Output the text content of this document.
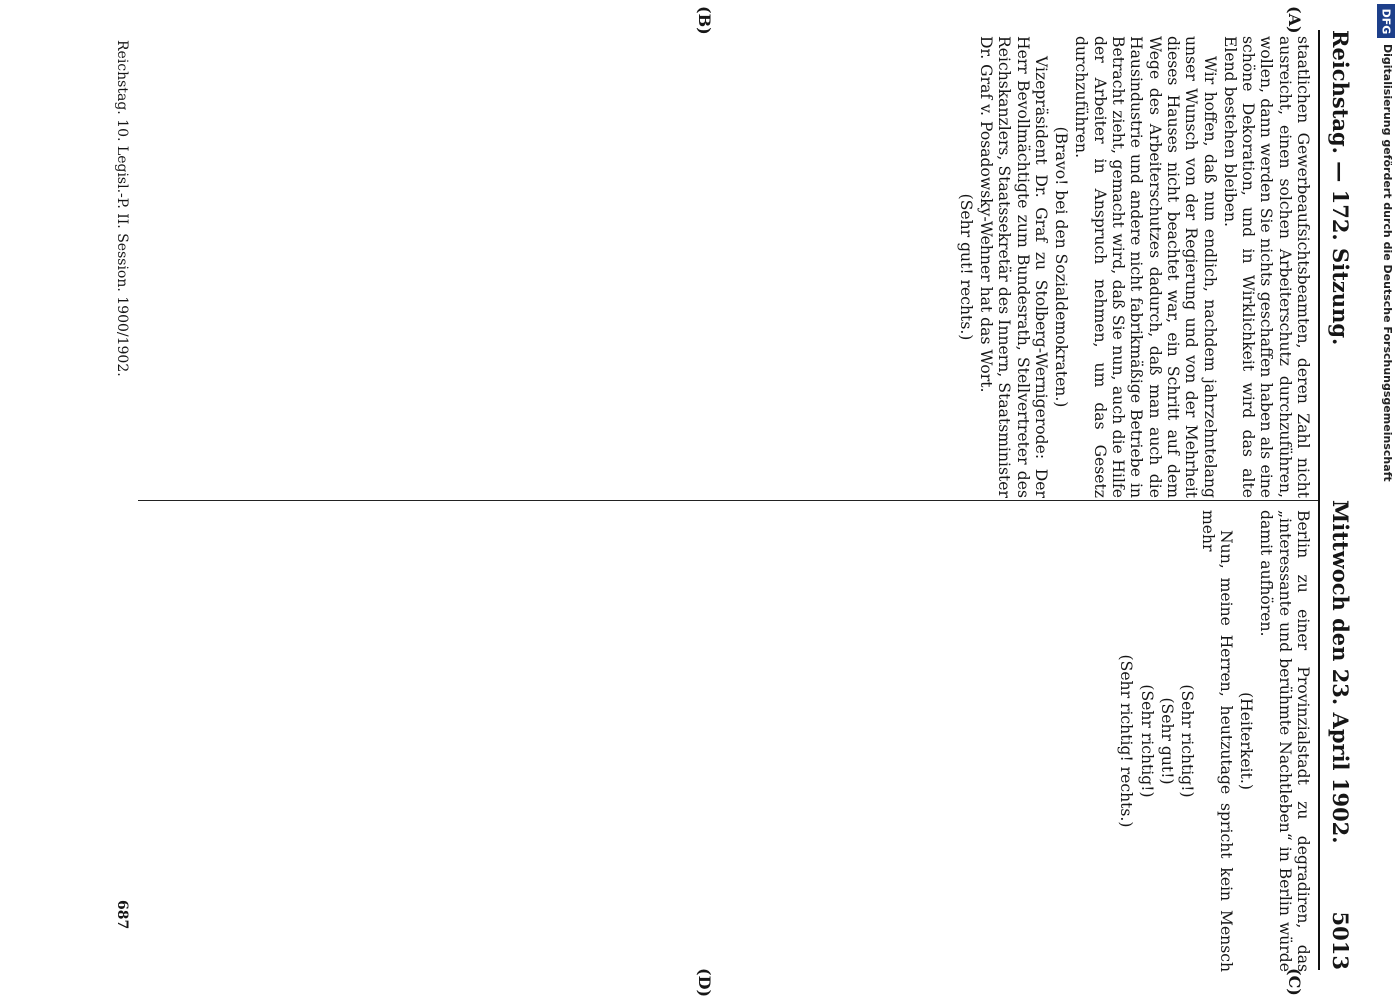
Reichstag. — 172. Sitzung.
Mittwoch den 23. April 1902.
5013
(A)
(B)
(C)
(D)

staatlichen Gewerbeaufsichtsbeamten, deren Zahl nicht ausreicht, einen solchen Arbeiterschutz durchzuführen, wollen, dann werden Sie nichts geschaffen haben als eine schöne Dekoration, und in Wirklichkeit wird das alte Elend bestehen bleiben.

Wir hoffen, daß nun endlich, nachdem jahrzehntelang unser Wunsch von der Regierung und von der Mehrheit dieses Hauses nicht beachtet war, ein Schritt auf dem Wege des Arbeiterschutzes dadurch, daß man auch die Hausindustrie und andere nicht fabrikmäßige Betriebe in Betracht zieht, gemacht wird, daß Sie nun, auch die Hilfe der Arbeiter in Anspruch nehmen, um das Gesetz durchzuführen.

(Bravo! bei den Sozialdemokraten.)

Vizepräsident Dr. Graf zu Stolberg-Wernigerode: Der Herr Bevollmächtigte zum Bundesrath, Stellvertreter des Reichskanzlers, Staatssekretär des Innern, Staatsminister Dr. Graf v. Posadowsky-Wehner hat das Wort.

(Sehr gut! rechts.)

Reichstag. 10. Legisl.-P. II. Session. 1900/1902.

Berlin zu einer Provinzialstadt zu degradiren, das „interessante und berühmte Nachtleben“ in Berlin würde damit aufhören.

(Heiterkeit.)

Nun, meine Herren, heutzutage spricht kein Mensch mehr

(Sehr richtig!)

(Sehr gut!)

(Sehr richtig!)

(Sehr richtig! rechts.)

687
DFG
Digitalisierung gefördert durch die Deutsche Forschungsgemeinschaft
